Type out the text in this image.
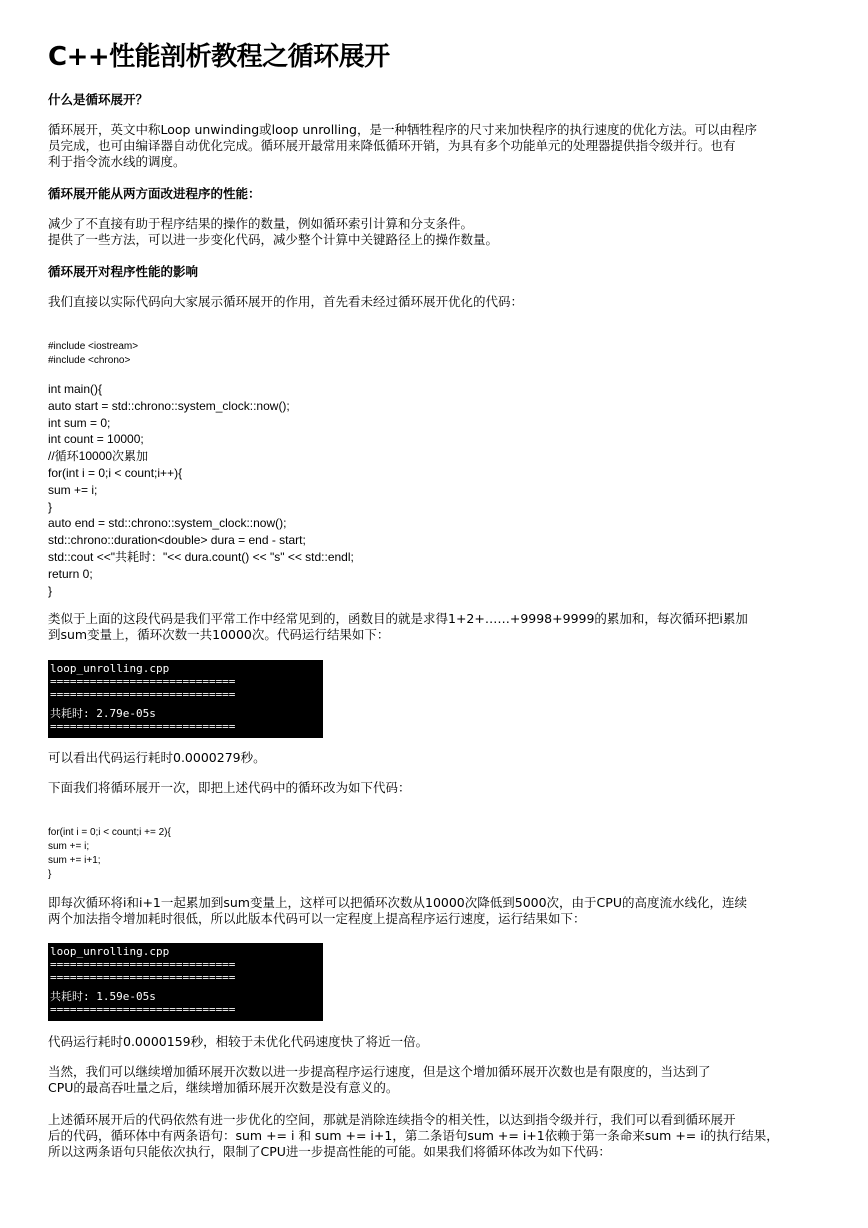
C++性能剖析教程之循环展开
什么是循环展开？
循环展开，英文中称Loop unwinding或loop unrolling，是一种牺牲程序的尺寸来加快程序的执行速度的优化方法。可以由程序
员完成，也可由编译器自动优化完成。循环展开最常用来降低循环开销，为具有多个功能单元的处理器提供指令级并行。也有
利于指令流水线的调度。
循环展开能从两方面改进程序的性能：
减少了不直接有助于程序结果的操作的数量，例如循环索引计算和分支条件。
提供了一些方法，可以进一步变化代码，减少整个计算中关键路径上的操作数量。
循环展开对程序性能的影响
我们直接以实际代码向大家展示循环展开的作用，首先看未经过循环展开优化的代码：
#include <iostream>
#include <chrono>
int main(){
auto start = std::chrono::system_clock::now();
int sum = 0;
int count = 10000;
//循环10000次累加
for(int i = 0;i < count;i++){
sum += i;
}
auto end = std::chrono::system_clock::now();
std::chrono::duration<double> dura = end - start;
std::cout <<"共耗时："<< dura.count() << "s" << std::endl;
return 0;
}
类似于上面的这段代码是我们平常工作中经常见到的，函数目的就是求得1+2+……+9998+9999的累加和，每次循环把i累加
到sum变量上，循环次数一共10000次。代码运行结果如下：
loop_unrolling.cpp
============================
============================
共耗时: 2.79e-05s
============================
可以看出代码运行耗时0.0000279秒。
下面我们将循环展开一次，即把上述代码中的循环改为如下代码：
for(int i = 0;i < count;i += 2){
sum += i;
sum += i+1;
}
即每次循环将i和i+1一起累加到sum变量上，这样可以把循环次数从10000次降低到5000次，由于CPU的高度流水线化，连续
两个加法指令增加耗时很低，所以此版本代码可以一定程度上提高程序运行速度，运行结果如下：
loop_unrolling.cpp
============================
============================
共耗时: 1.59e-05s
============================
代码运行耗时0.0000159秒，相较于未优化代码速度快了将近一倍。
当然，我们可以继续增加循环展开次数以进一步提高程序运行速度，但是这个增加循环展开次数也是有限度的，当达到了
CPU的最高吞吐量之后，继续增加循环展开次数是没有意义的。
上述循环展开后的代码依然有进一步优化的空间，那就是消除连续指令的相关性，以达到指令级并行，我们可以看到循环展开
后的代码，循环体中有两条语句：sum += i 和 sum += i+1，第二条语句sum += i+1依赖于第一条命来sum += i的执行结果，
所以这两条语句只能依次执行，限制了CPU进一步提高性能的可能。如果我们将循环体改为如下代码：
